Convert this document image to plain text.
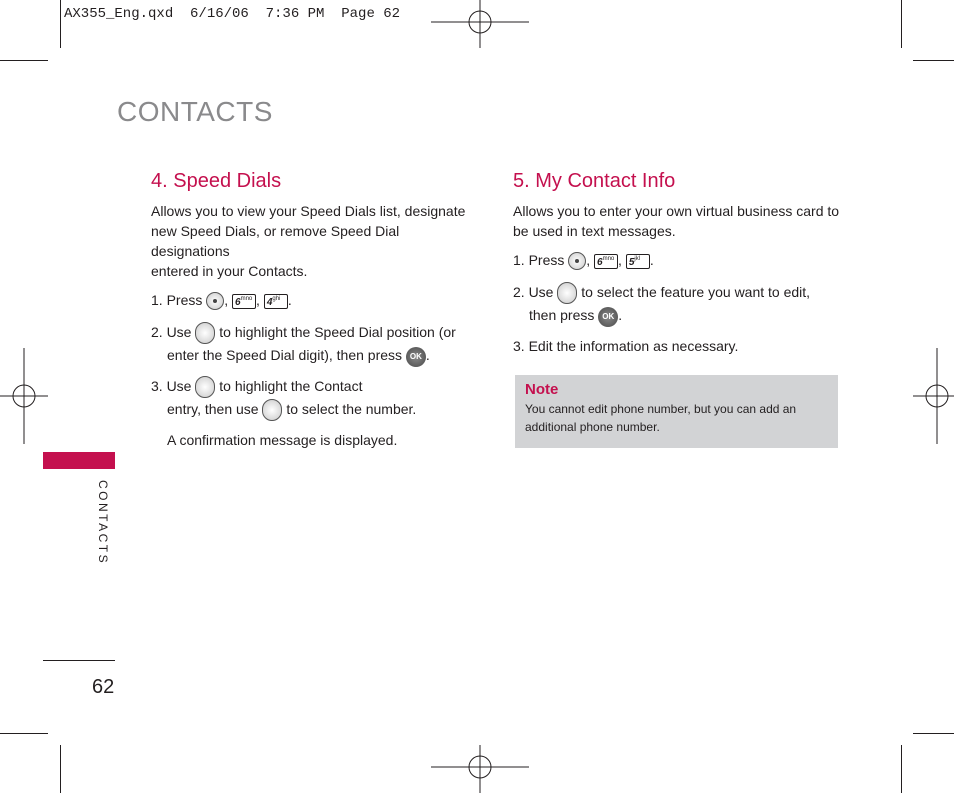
AX355_Eng.qxd  6/16/06  7:36 PM  Page 62
CONTACTS
4. Speed Dials
Allows you to view your Speed Dials list, designate
new Speed Dials, or remove Speed Dial designations
entered in your Contacts.
1. Press , $6^{mno}$ , $4^{ghi}$ .
2. Use to highlight the Speed Dial position (or
enter the Speed Dial digit), then press OK .
3. Use to highlight the Contact
entry, then use to select the number.
A confirmation message is displayed.
5. My Contact Info
Allows you to enter your own virtual business card to
be used in text messages.
1. Press , $6^{mno}$ , $5^{jkl}$ .
2. Use to select the feature you want to edit,
then press OK .
3. Edit the information as necessary.
Note
You cannot edit phone number, but you can add an
additional phone number.
CONTACTS
62
